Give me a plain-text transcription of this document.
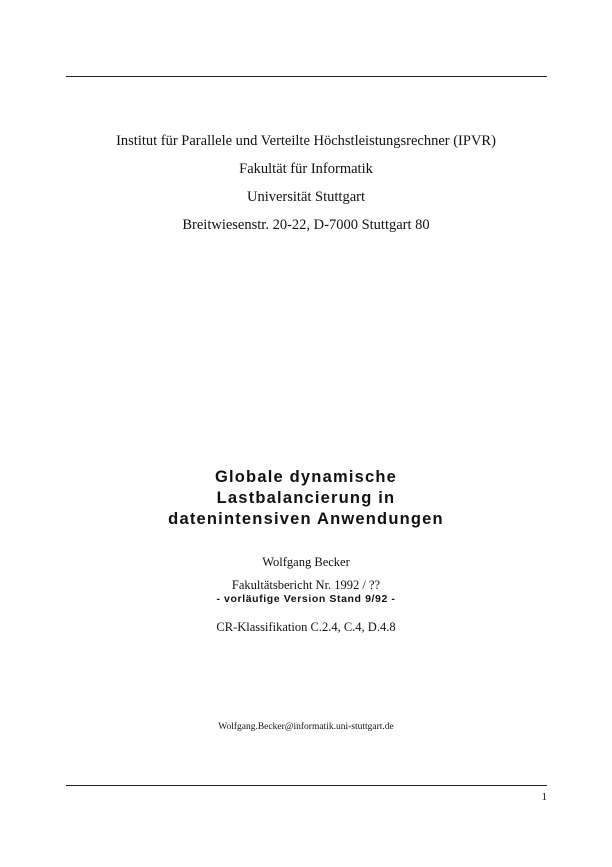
Institut für Parallele und Verteilte Höchstleistungsrechner (IPVR)
Fakultät für Informatik
Universität Stuttgart
Breitwiesenstr. 20-22, D-7000 Stuttgart 80
Globale dynamische
Lastbalancierung in
datenintensiven Anwendungen
Wolfgang Becker
Fakultätsbericht Nr. 1992 / ??
- vorläufige Version Stand 9/92 -
CR-Klassifikation C.2.4, C.4, D.4.8
Wolfgang.Becker@informatik.uni-stuttgart.de
1
